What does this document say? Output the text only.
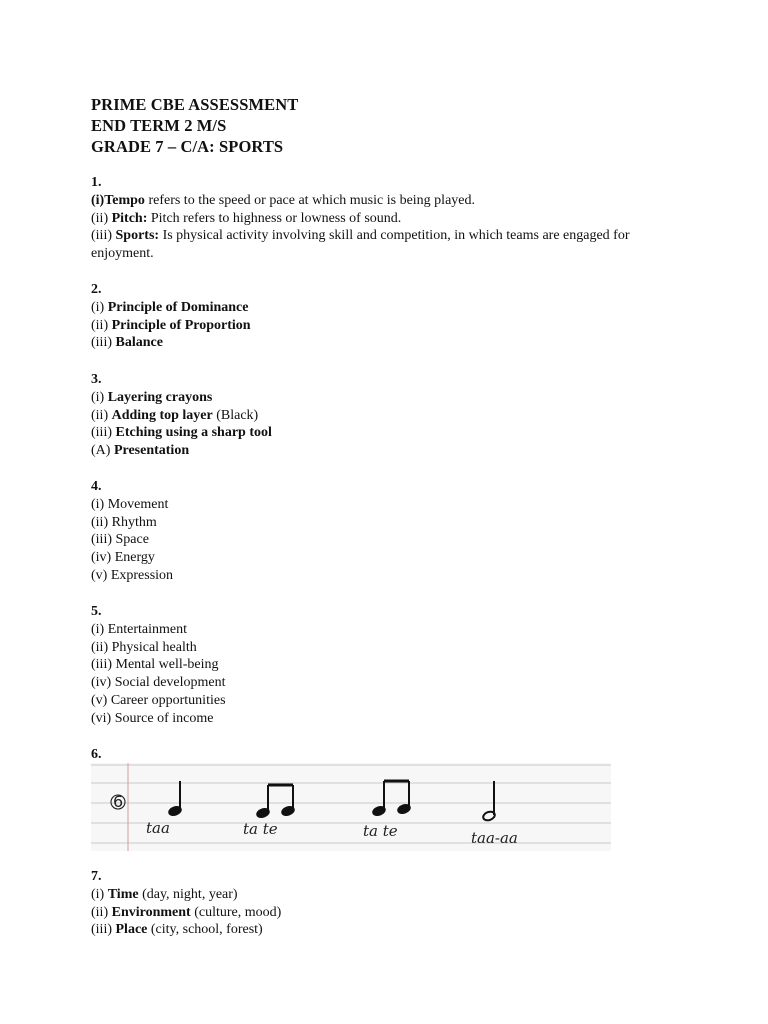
PRIME CBE ASSESSMENT
END TERM 2 M/S
GRADE 7 – C/A: SPORTS
1.
(i)Tempo refers to the speed or pace at which music is being played.
(ii) Pitch: Pitch refers to highness or lowness of sound.
(iii) Sports: Is physical activity involving skill and competition, in which teams are engaged for enjoyment.
2.
(i) Principle of Dominance
(ii) Principle of Proportion
(iii) Balance
3.
(i) Layering crayons
(ii) Adding top layer (Black)
(iii) Etching using a sharp tool
(A) Presentation
4.
(i) Movement
(ii) Rhythm
(iii) Space
(iv) Energy
(v) Expression
5.
(i) Entertainment
(ii) Physical health
(iii) Mental well-being
(iv) Social development
(v) Career opportunities
(vi) Source of income
6.
6
taa	ta te	ta te	taa-aa
7.
(i) Time (day, night, year)
(ii) Environment (culture, mood)
(iii) Place (city, school, forest)
